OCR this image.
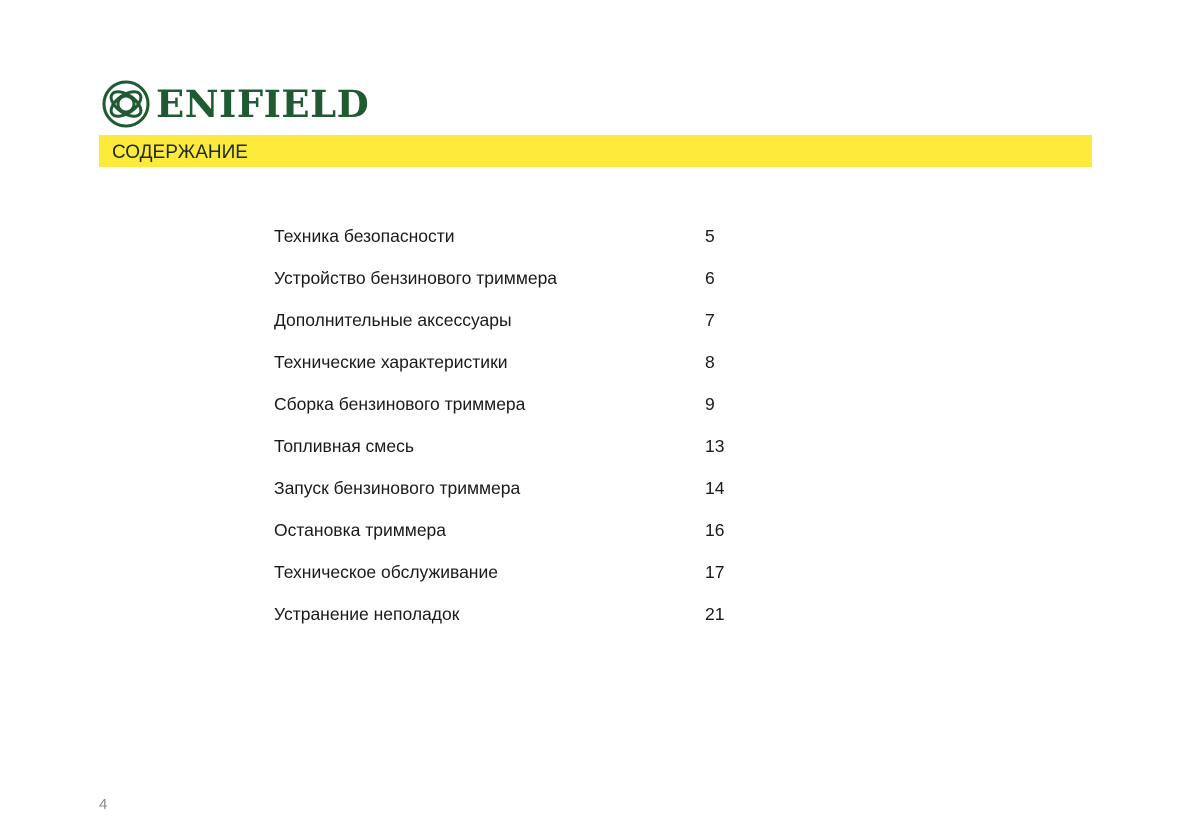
ENIFIELD
СОДЕРЖАНИЕ
Техника безопасности	5
Устройство бензинового триммера	6
Дополнительные аксессуары	7
Технические характеристики	8
Сборка бензинового триммера	9
Топливная смесь	13
Запуск бензинового триммера	14
Остановка триммера	16
Техническое обслуживание	17
Устранение неполадок	21
4
